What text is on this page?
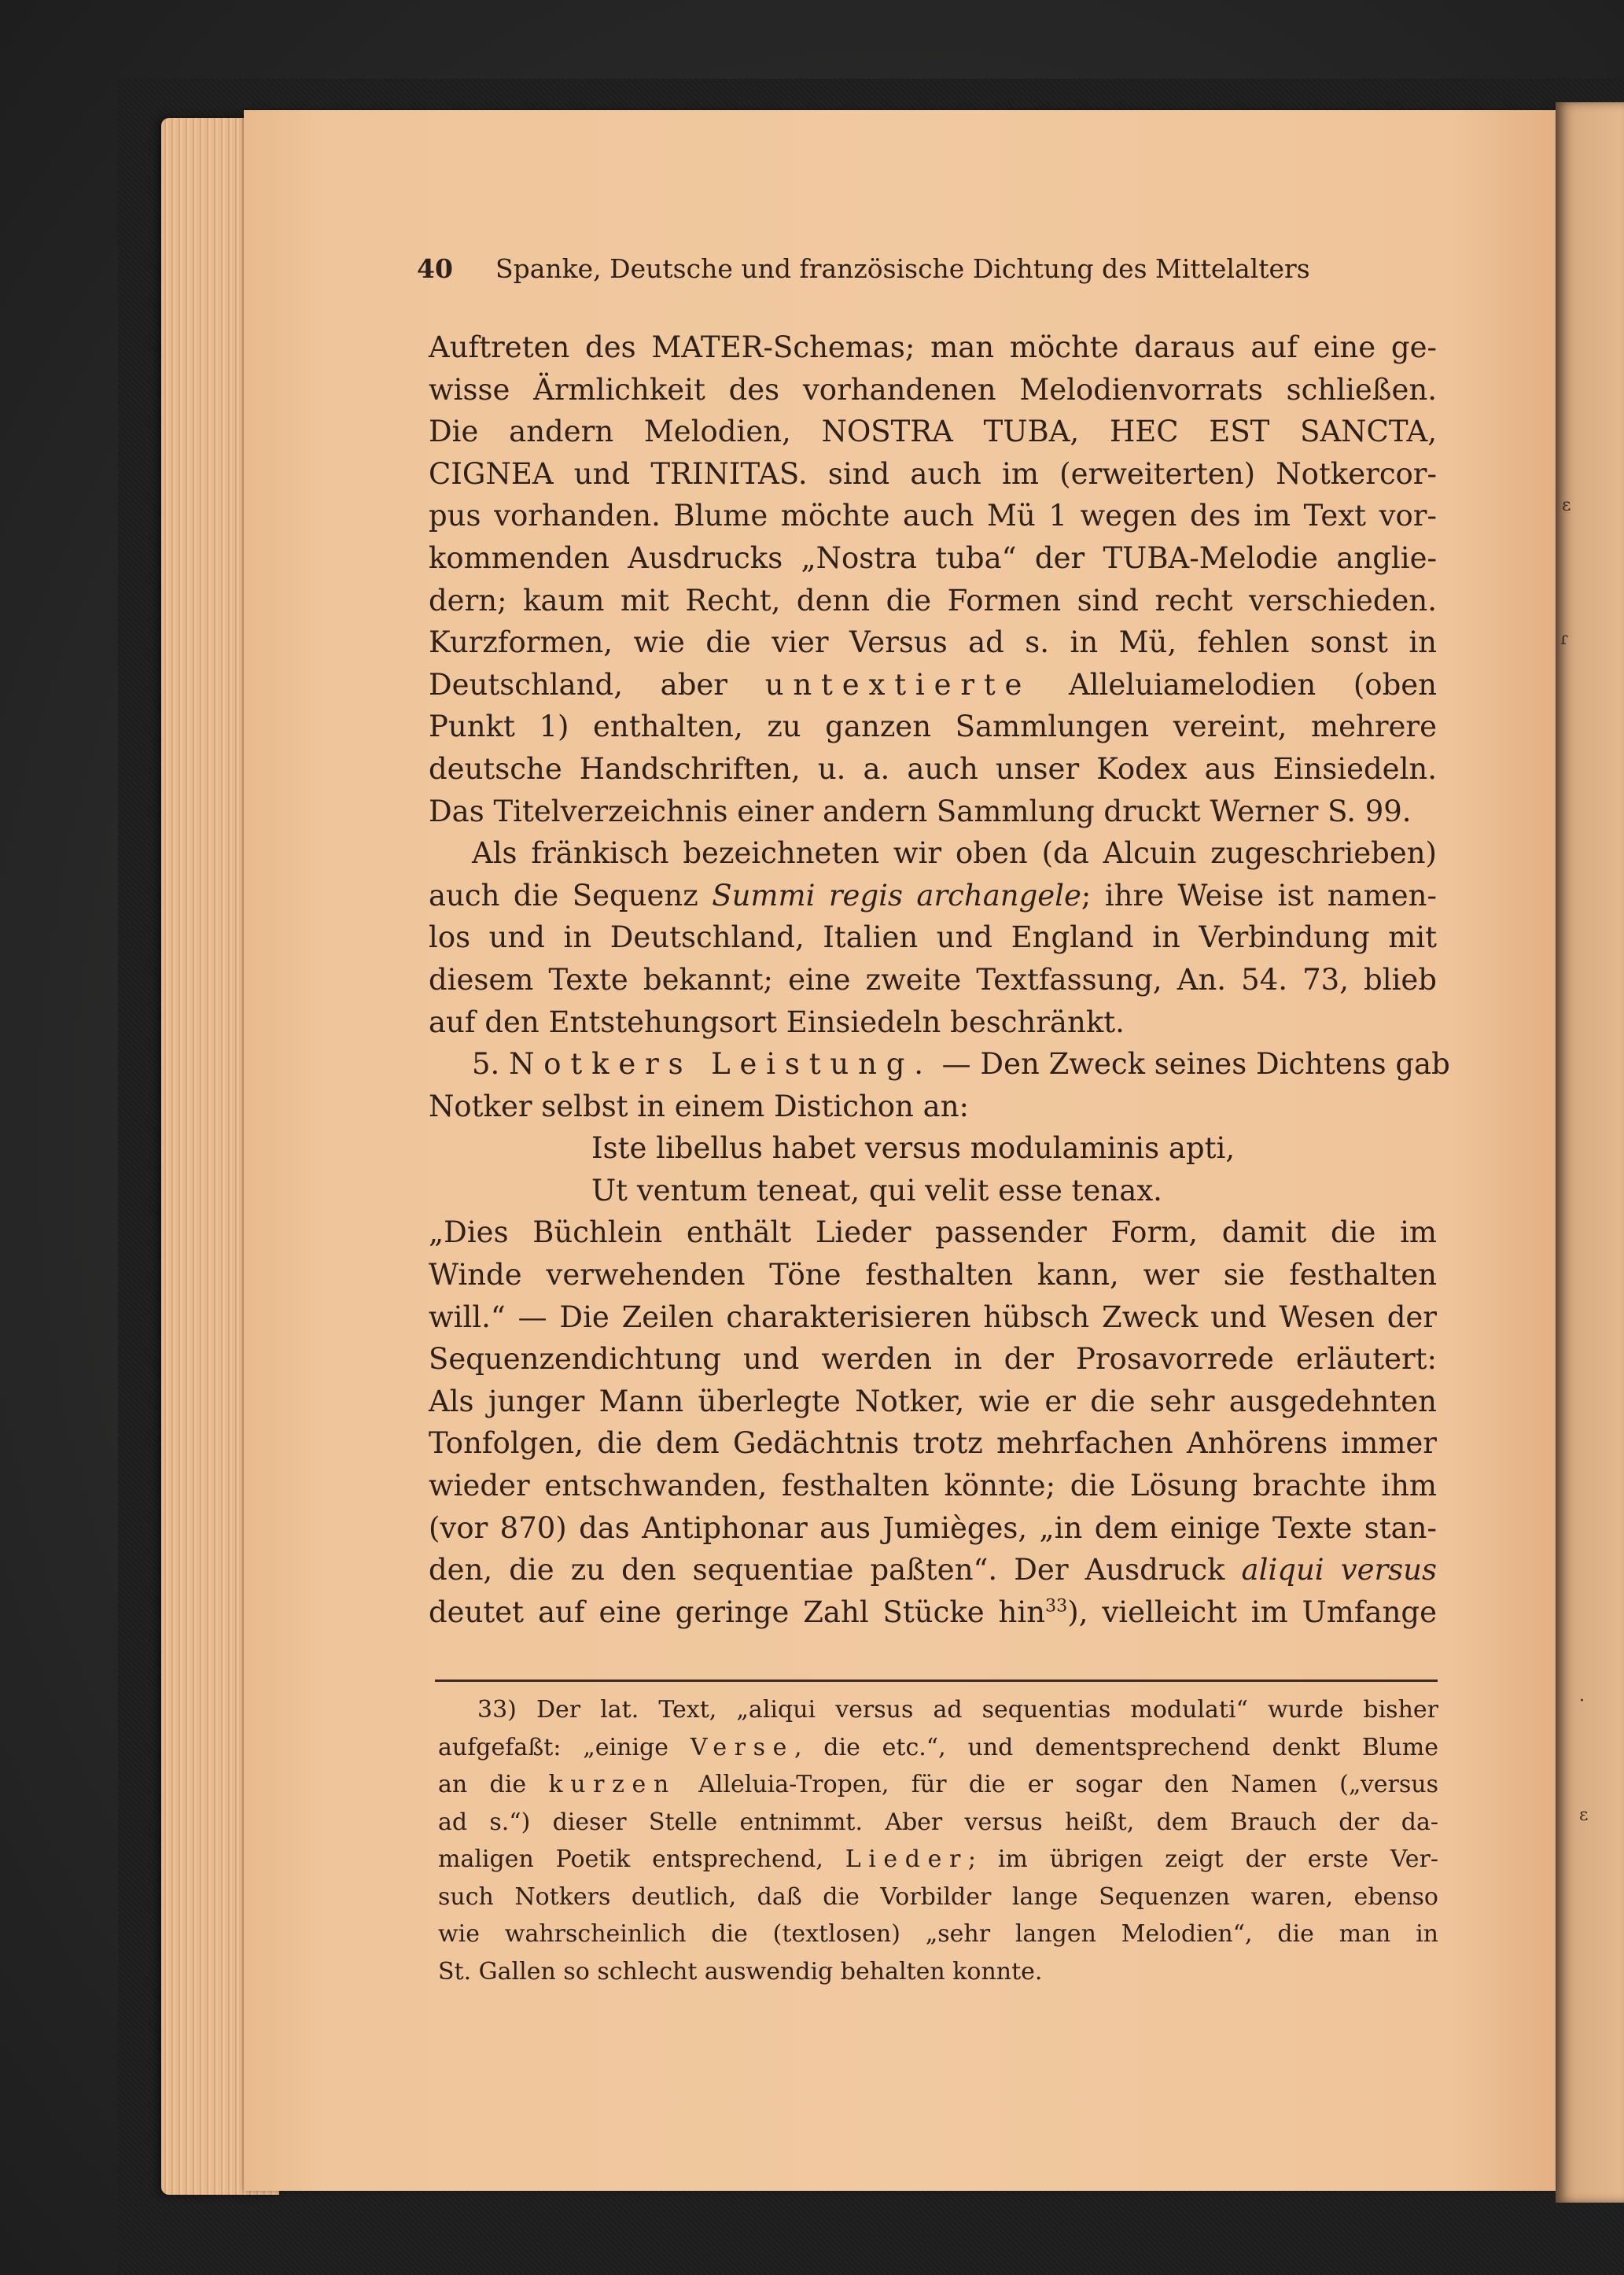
ε
ɾ
·
ε
40 Spanke, Deutsche und französische Dichtung des Mittelalters
Auftreten des MATER-Schemas; man möchte daraus auf eine ge-
wisse Ärmlichkeit des vorhandenen Melodienvorrats schließen.
Die andern Melodien, NOSTRA TUBA, HEC EST SANCTA,
CIGNEA und TRINITAS. sind auch im (erweiterten) Notkercor-
pus vorhanden. Blume möchte auch Mü 1 wegen des im Text vor-
kommenden Ausdrucks „Nostra tuba“ der TUBA-Melodie anglie-
dern; kaum mit Recht, denn die Formen sind recht verschieden.
Kurzformen, wie die vier Versus ad s. in Mü, fehlen sonst in
Deutschland, aber untextierte Alleluiamelodien (oben
Punkt 1) enthalten, zu ganzen Sammlungen vereint, mehrere
deutsche Handschriften, u. a. auch unser Kodex aus Einsiedeln.
Das Titelverzeichnis einer andern Sammlung druckt Werner S. 99.
Als fränkisch bezeichneten wir oben (da Alcuin zugeschrieben)
auch die Sequenz Summi regis archangele; ihre Weise ist namen-
los und in Deutschland, Italien und England in Verbindung mit
diesem Texte bekannt; eine zweite Textfassung, An. 54. 73, blieb
auf den Entstehungsort Einsiedeln beschränkt.
5. Notkers Leistung. — Den Zweck seines Dichtens gab
Notker selbst in einem Distichon an:
Iste libellus habet versus modulaminis apti,
Ut ventum teneat, qui velit esse tenax.
„Dies Büchlein enthält Lieder passender Form, damit die im
Winde verwehenden Töne festhalten kann, wer sie festhalten
will.“ — Die Zeilen charakterisieren hübsch Zweck und Wesen der
Sequenzendichtung und werden in der Prosavorrede erläutert:
Als junger Mann überlegte Notker, wie er die sehr ausgedehnten
Tonfolgen, die dem Gedächtnis trotz mehrfachen Anhörens immer
wieder entschwanden, festhalten könnte; die Lösung brachte ihm
(vor 870) das Antiphonar aus Jumièges, „in dem einige Texte stan-
den, die zu den sequentiae paßten“. Der Ausdruck aliqui versus
deutet auf eine geringe Zahl Stücke hin$^{33}$), vielleicht im Umfange
33) Der lat. Text, „aliqui versus ad sequentias modulati“ wurde bisher
aufgefaßt: „einige Verse, die etc.“, und dementsprechend denkt Blume
an die kurzen Alleluia-Tropen, für die er sogar den Namen („versus
ad s.“) dieser Stelle entnimmt. Aber versus heißt, dem Brauch der da-
maligen Poetik entsprechend, Lieder; im übrigen zeigt der erste Ver-
such Notkers deutlich, daß die Vorbilder lange Sequenzen waren, ebenso
wie wahrscheinlich die (textlosen) „sehr langen Melodien“, die man in
St. Gallen so schlecht auswendig behalten konnte.
